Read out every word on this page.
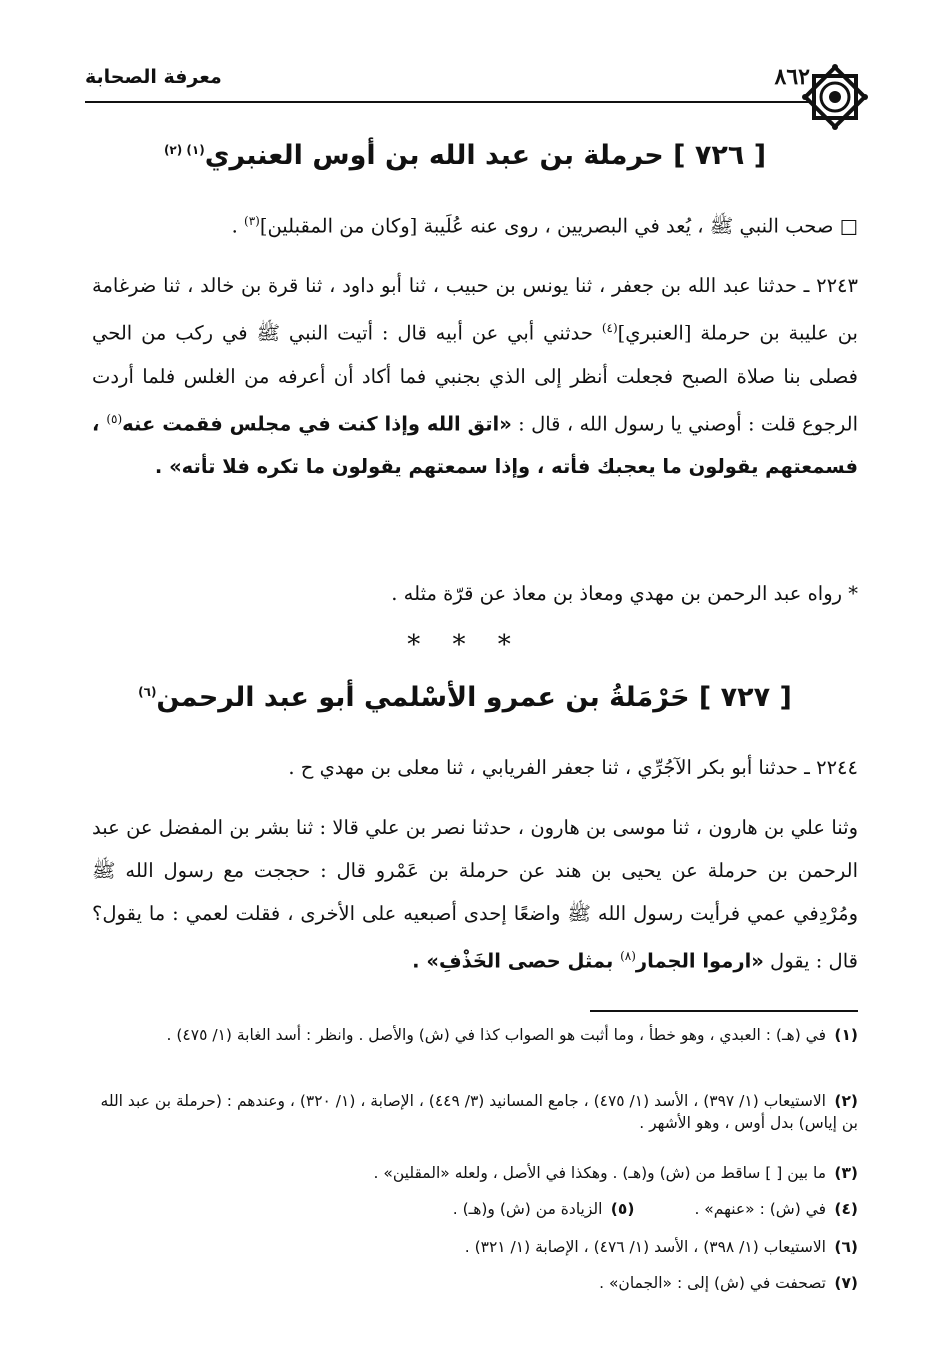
٨٦٢
معرفة الصحابة
[ ٧٢٦ ] حرملة بن عبد الله بن أوس العنبري$^{(١) (٢)}$
□ صحب النبي ﷺ ، يُعد في البصريين ، روى عنه عُلَيبة [وكان من المقبلين]$^{(٣)}$ .
٢٢٤٣ ـ حدثنا عبد الله بن جعفر ، ثنا يونس بن حبيب ، ثنا أبو داود ، ثنا قرة بن خالد ، ثنا ضرغامة بن عليبة بن حرملة [العنبري]$^{(٤)}$ حدثني أبي عن أبيه قال : أتيت النبي ﷺ في ركب من الحي فصلى بنا صلاة الصبح فجعلت أنظر إلى الذي بجنبي فما أكاد أن أعرفه من الغلس فلما أردت الرجوع قلت : أوصني يا رسول الله ، قال : «اتق الله وإذا كنت في مجلس فقمت عنه$^{(٥)}$ ، فسمعتهم يقولون ما يعجبك فأته ، وإذا سمعتهم يقولون ما تكره فلا تأته» .
* رواه عبد الرحمن بن مهدي ومعاذ بن معاذ عن قرّة مثله .
* * *
[ ٧٢٧ ] حَرْمَلةُ بن عمرو الأسْلمي أبو عبد الرحمن$^{(٦)}$
٢٢٤٤ ـ حدثنا أبو بكر الآجُرِّي ، ثنا جعفر الفريابي ، ثنا معلى بن مهدي ح .
وثنا علي بن هارون ، ثنا موسى بن هارون ، حدثنا نصر بن علي قالا : ثنا بشر بن المفضل عن عبد الرحمن بن حرملة عن يحيى بن هند عن حرملة بن عَمْرو قال : حججت مع رسول الله ﷺ ومُرْدِفي عمي فرأيت رسول الله ﷺ واضعًا إحدى أصبعيه على الأخرى ، فقلت لعمي : ما يقول؟ قال : يقول «ارموا الجمار$^{(٨)}$ بمثل حصى الخَذْفِ» .
(١)في (هـ) : العبدي ، وهو خطأ ، وما أثبت هو الصواب كذا في (ش) والأصل . وانظر : أسد الغابة (١/ ٤٧٥) .
(٢)الاستيعاب (١/ ٣٩٧) ، الأسد (١/ ٤٧٥) ، جامع المسانيد (٣/ ٤٤٩) ، الإصابة ، (١/ ٣٢٠) ، وعندهم : (حرملة بن عبد الله بن إياس) بدل أوس ، وهو الأشهر .
(٣)ما بين [ ] ساقط من (ش) و(هـ) . وهكذا في الأصل ، ولعله «المقلين» .
(٤)في (ش) : «عنهم» .
(٥)الزيادة من (ش) و(هـ) .
(٦)الاستيعاب (١/ ٣٩٨) ، الأسد (١/ ٤٧٦) ، الإصابة (١/ ٣٢١) .
(٧)تصحفت في (ش) إلى : «الجمان» .
